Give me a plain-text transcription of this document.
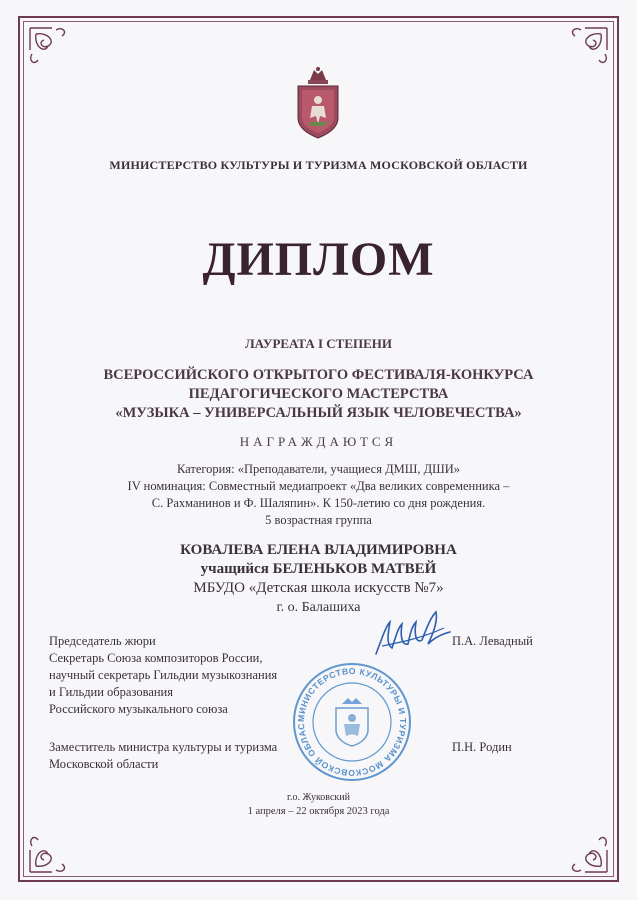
МИНИСТЕРСТВО КУЛЬТУРЫ И ТУРИЗМА МОСКОВСКОЙ ОБЛАСТИ
ДИПЛОМ
ЛАУРЕАТА I СТЕПЕНИ
ВСЕРОССИЙСКОГО ОТКРЫТОГО ФЕСТИВАЛЯ-КОНКУРСА
ПЕДАГОГИЧЕСКОГО МАСТЕРСТВА
«МУЗЫКА – УНИВЕРСАЛЬНЫЙ ЯЗЫК ЧЕЛОВЕЧЕСТВА»
НАГРАЖДАЮТСЯ
Категория: «Преподаватели, учащиеся ДМШ, ДШИ»
IV номинация: Совместный медиапроект «Два великих современника –
С. Рахманинов и Ф. Шаляпин». К 150-летию со дня рождения.
5 возрастная группа
КОВАЛЕВА ЕЛЕНА ВЛАДИМИРОВНА
учащийся БЕЛЕНЬКОВ МАТВЕЙ
МБУДО «Детская школа искусств №7»
г. о. Балашиха
Председатель жюри
Секретарь Союза композиторов России,
научный секретарь Гильдии музыкознания
и Гильдии образования
Российского музыкального союза
П.А. Левадный
Заместитель министра культуры и туризма
Московской области
П.Н. Родин
МИНИСТЕРСТВО КУЛЬТУРЫ И ТУРИЗМА МОСКОВСКОЙ ОБЛАС
г.о. Жуковский
1 апреля – 22 октября 2023 года
